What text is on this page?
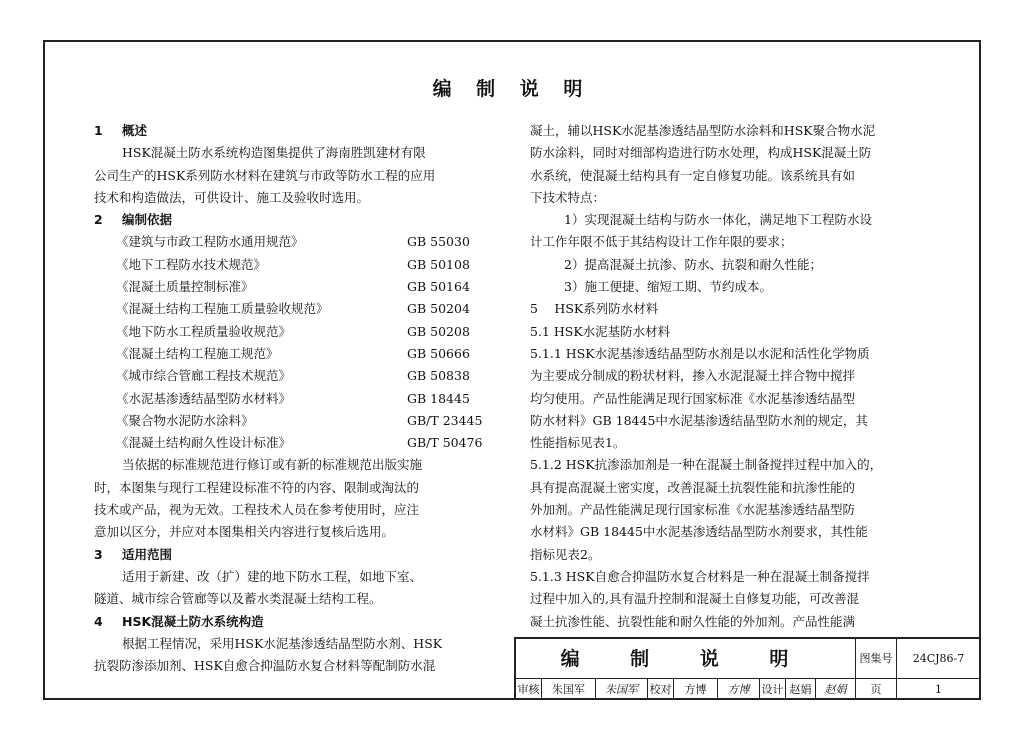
编 制 说 明
1 概述
HSK混凝土防水系统构造图集提供了海南胜凯建材有限
公司生产的HSK系列防水材料在建筑与市政等防水工程的应用
技术和构造做法，可供设计、施工及验收时选用。
2 编制依据
《建筑与市政工程防水通用规范》	GB 55030
《地下工程防水技术规范》	GB 50108
《混凝土质量控制标准》	GB 50164
《混凝土结构工程施工质量验收规范》	GB 50204
《地下防水工程质量验收规范》	GB 50208
《混凝土结构工程施工规范》	GB 50666
《城市综合管廊工程技术规范》	GB 50838
《水泥基渗透结晶型防水材料》	GB 18445
《聚合物水泥防水涂料》	GB/T 23445
《混凝土结构耐久性设计标准》	GB/T 50476
当依据的标准规范进行修订或有新的标准规范出版实施
时，本图集与现行工程建设标准不符的内容、限制或淘汰的
技术或产品，视为无效。工程技术人员在参考使用时，应注
意加以区分，并应对本图集相关内容进行复核后选用。
3 适用范围
适用于新建、改（扩）建的地下防水工程，如地下室、
隧道、城市综合管廊等以及蓄水类混凝土结构工程。
4 HSK混凝土防水系统构造
根据工程情况，采用HSK水泥基渗透结晶型防水剂、HSK
抗裂防渗添加剂、HSK自愈合抑温防水复合材料等配制防水混
凝土，辅以HSK水泥基渗透结晶型防水涂料和HSK聚合物水泥
防水涂料，同时对细部构造进行防水处理，构成HSK混凝土防
水系统，使混凝土结构具有一定自修复功能。该系统具有如
下技术特点：
1）实现混凝土结构与防水一体化，满足地下工程防水设
计工作年限不低于其结构设计工作年限的要求；
2）提高混凝土抗渗、防水、抗裂和耐久性能；
3）施工便捷、缩短工期、节约成本。
5　 HSK系列防水材料
5.1 HSK水泥基防水材料
5.1.1 HSK水泥基渗透结晶型防水剂是以水泥和活性化学物质
为主要成分制成的粉状材料，掺入水泥混凝土拌合物中搅拌
均匀使用。产品性能满足现行国家标准《水泥基渗透结晶型
防水材料》GB 18445中水泥基渗透结晶型防水剂的规定，其
性能指标见表1。
5.1.2 HSK抗渗添加剂是一种在混凝土制备搅拌过程中加入的，
具有提高混凝土密实度，改善混凝土抗裂性能和抗渗性能的
外加剂。产品性能满足现行国家标准《水泥基渗透结晶型防
水材料》GB 18445中水泥基渗透结晶型防水剂要求，其性能
指标见表2。
5.1.3 HSK自愈合抑温防水复合材料是一种在混凝土制备搅拌
过程中加入的,具有温升控制和混凝土自修复功能，可改善混
凝土抗渗性能、抗裂性能和耐久性能的外加剂。产品性能满
编 制 说 明	图集号	24CJ86-7
审核	朱国军	朱国军	校对	方博	方博	设计 赵娟	赵娟	页	1
